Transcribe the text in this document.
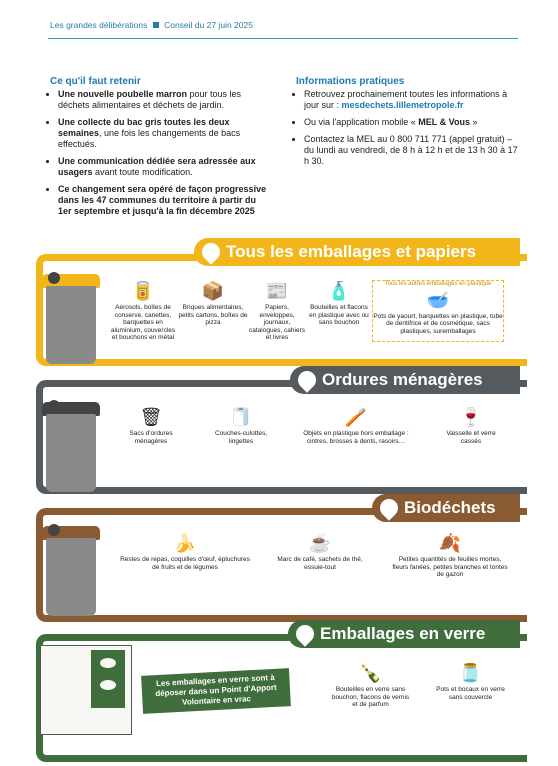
Les grandes délibérations Conseil du 27 juin 2025
Ce qu'il faut retenir
• Une nouvelle poubelle marron pour tous les déchets alimentaires et déchets de jardin.
• Une collecte du bac gris toutes les deux semaines, une fois les changements de bacs effectués.
• Une communication dédiée sera adressée aux usagers avant toute modification.
• Ce changement sera opéré de façon progressive dans les 47 communes du territoire à partir du 1er septembre et jusqu'à la fin décembre 2025
Informations pratiques
• Retrouvez prochainement toutes les informations à jour sur : mesdechets.lillemetropole.fr
• Ou via l'application mobile « MEL & Vous »
• Contactez la MEL au 0 800 711 771 (appel gratuit) – du lundi au vendredi, de 8 h à 12 h et de 13 h 30 à 17 h 30.
Tous les emballages et papiers
🥫
Aérosols, boîtes de conserve, canettes, barquettes en aluminium, couvercles et bouchons en métal
📦
Briques alimentaires, petits cartons, boîtes de pizza
📰
Papiers, enveloppes, journaux, catalogues, cahiers et livres
🧴
Bouteilles et flacons en plastique avec ou sans bouchon
Tous les autres emballages en plastique
🥣
Pots de yaourt, barquettes en plastique, tube de dentifrice et de cosmétique, sacs plastiques, suremballages
Ordures ménagères
🗑
Sacs d'ordures ménagères
🧻
Couches-culottes, lingettes
🪥
Objets en plastique hors emballage : cintres, brosses à dents, rasoirs…
🍷
Vaisselle et verre cassés
Biodéchets
🍌
Restes de repas, coquilles d'œuf, épluchures de fruits et de légumes
☕
Marc de café, sachets de thé, essuie-tout
🍂
Petites quantités de feuilles mortes, fleurs fanées, petites branches et tontes de gazon
Emballages en verre
Les emballages en verre sont à déposer dans un Point d'Apport Volontaire en vrac
🍾
Bouteilles en verre sans bouchon, flacons de vernis et de parfum
🫙
Pots et bocaux en verre sans couvercle
